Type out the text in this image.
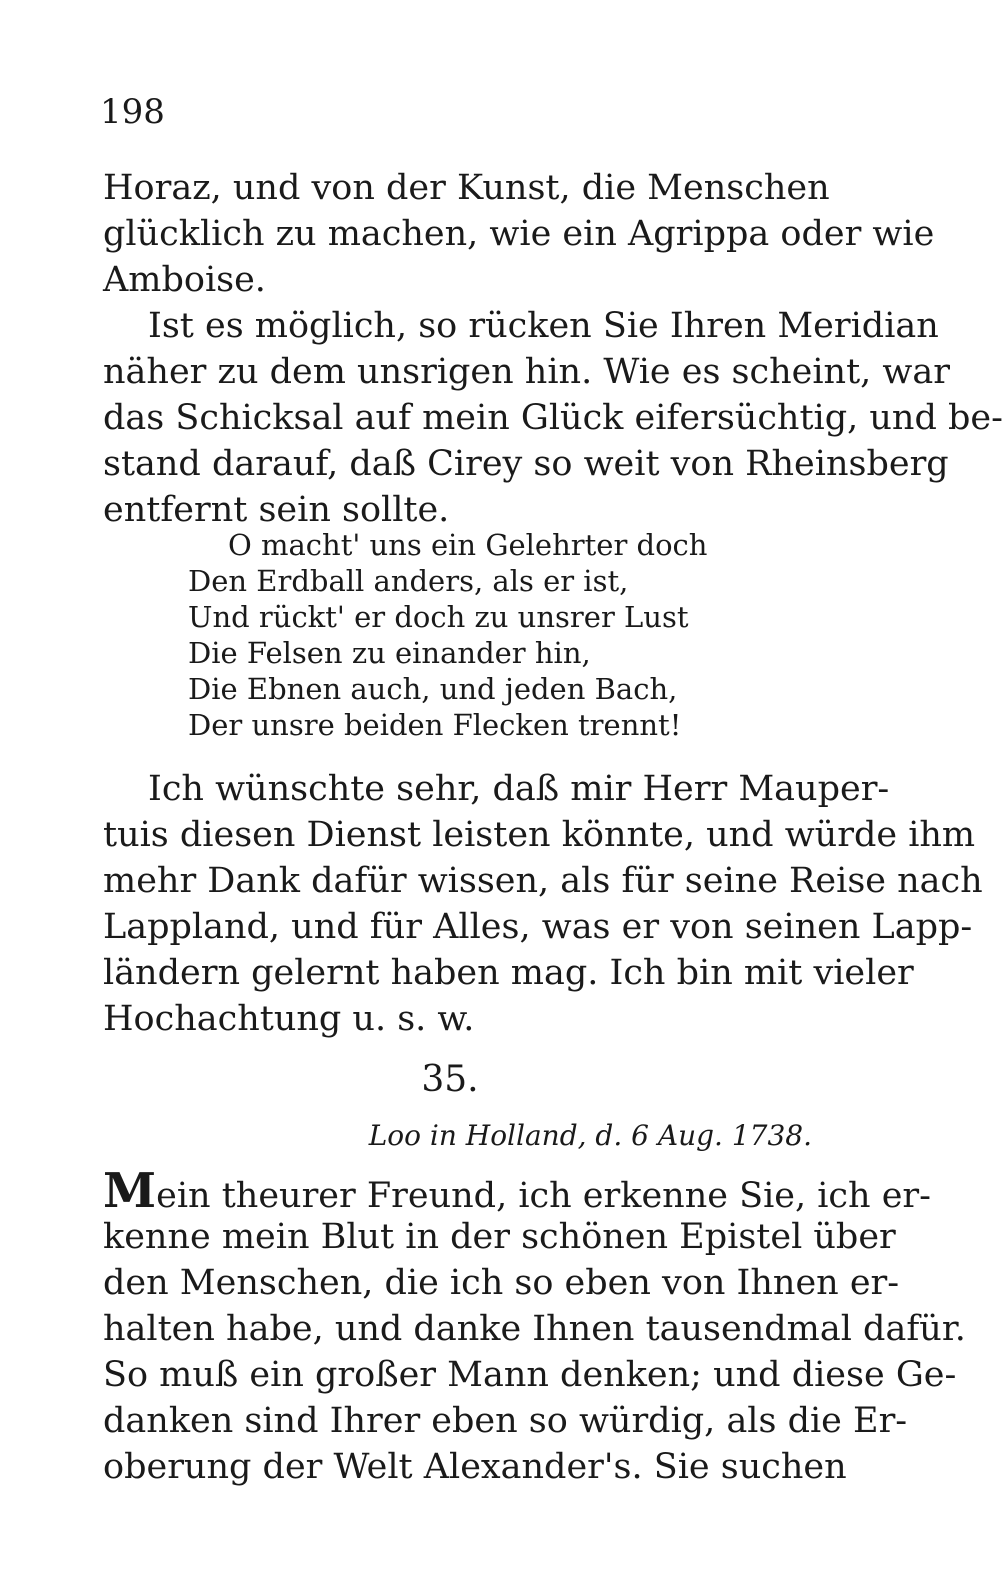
198
Horaz, und von der Kunst, die Menschen
glücklich zu machen, wie ein Agrippa oder wie
Amboise.
Ist es möglich, so rücken Sie Ihren Meridian
näher zu dem unsrigen hin. Wie es scheint, war
das Schicksal auf mein Glück eifersüchtig, und be-
stand darauf, daß Cirey so weit von Rheinsberg
entfernt sein sollte.
O macht' uns ein Gelehrter doch
Den Erdball anders, als er ist,
Und rückt' er doch zu unsrer Lust
Die Felsen zu einander hin,
Die Ebnen auch, und jeden Bach,
Der unsre beiden Flecken trennt!
Ich wünschte sehr, daß mir Herr Mauper-
tuis diesen Dienst leisten könnte, und würde ihm
mehr Dank dafür wissen, als für seine Reise nach
Lappland, und für Alles, was er von seinen Lapp-
ländern gelernt haben mag. Ich bin mit vieler
Hochachtung u. s. w.
35.
Loo in Holland, d. 6 Aug. 1738.
Mein theurer Freund, ich erkenne Sie, ich er-
kenne mein Blut in der schönen Epistel über
den Menschen, die ich so eben von Ihnen er-
halten habe, und danke Ihnen tausendmal dafür.
So muß ein großer Mann denken; und diese Ge-
danken sind Ihrer eben so würdig, als die Er-
oberung der Welt Alexander's. Sie suchen
